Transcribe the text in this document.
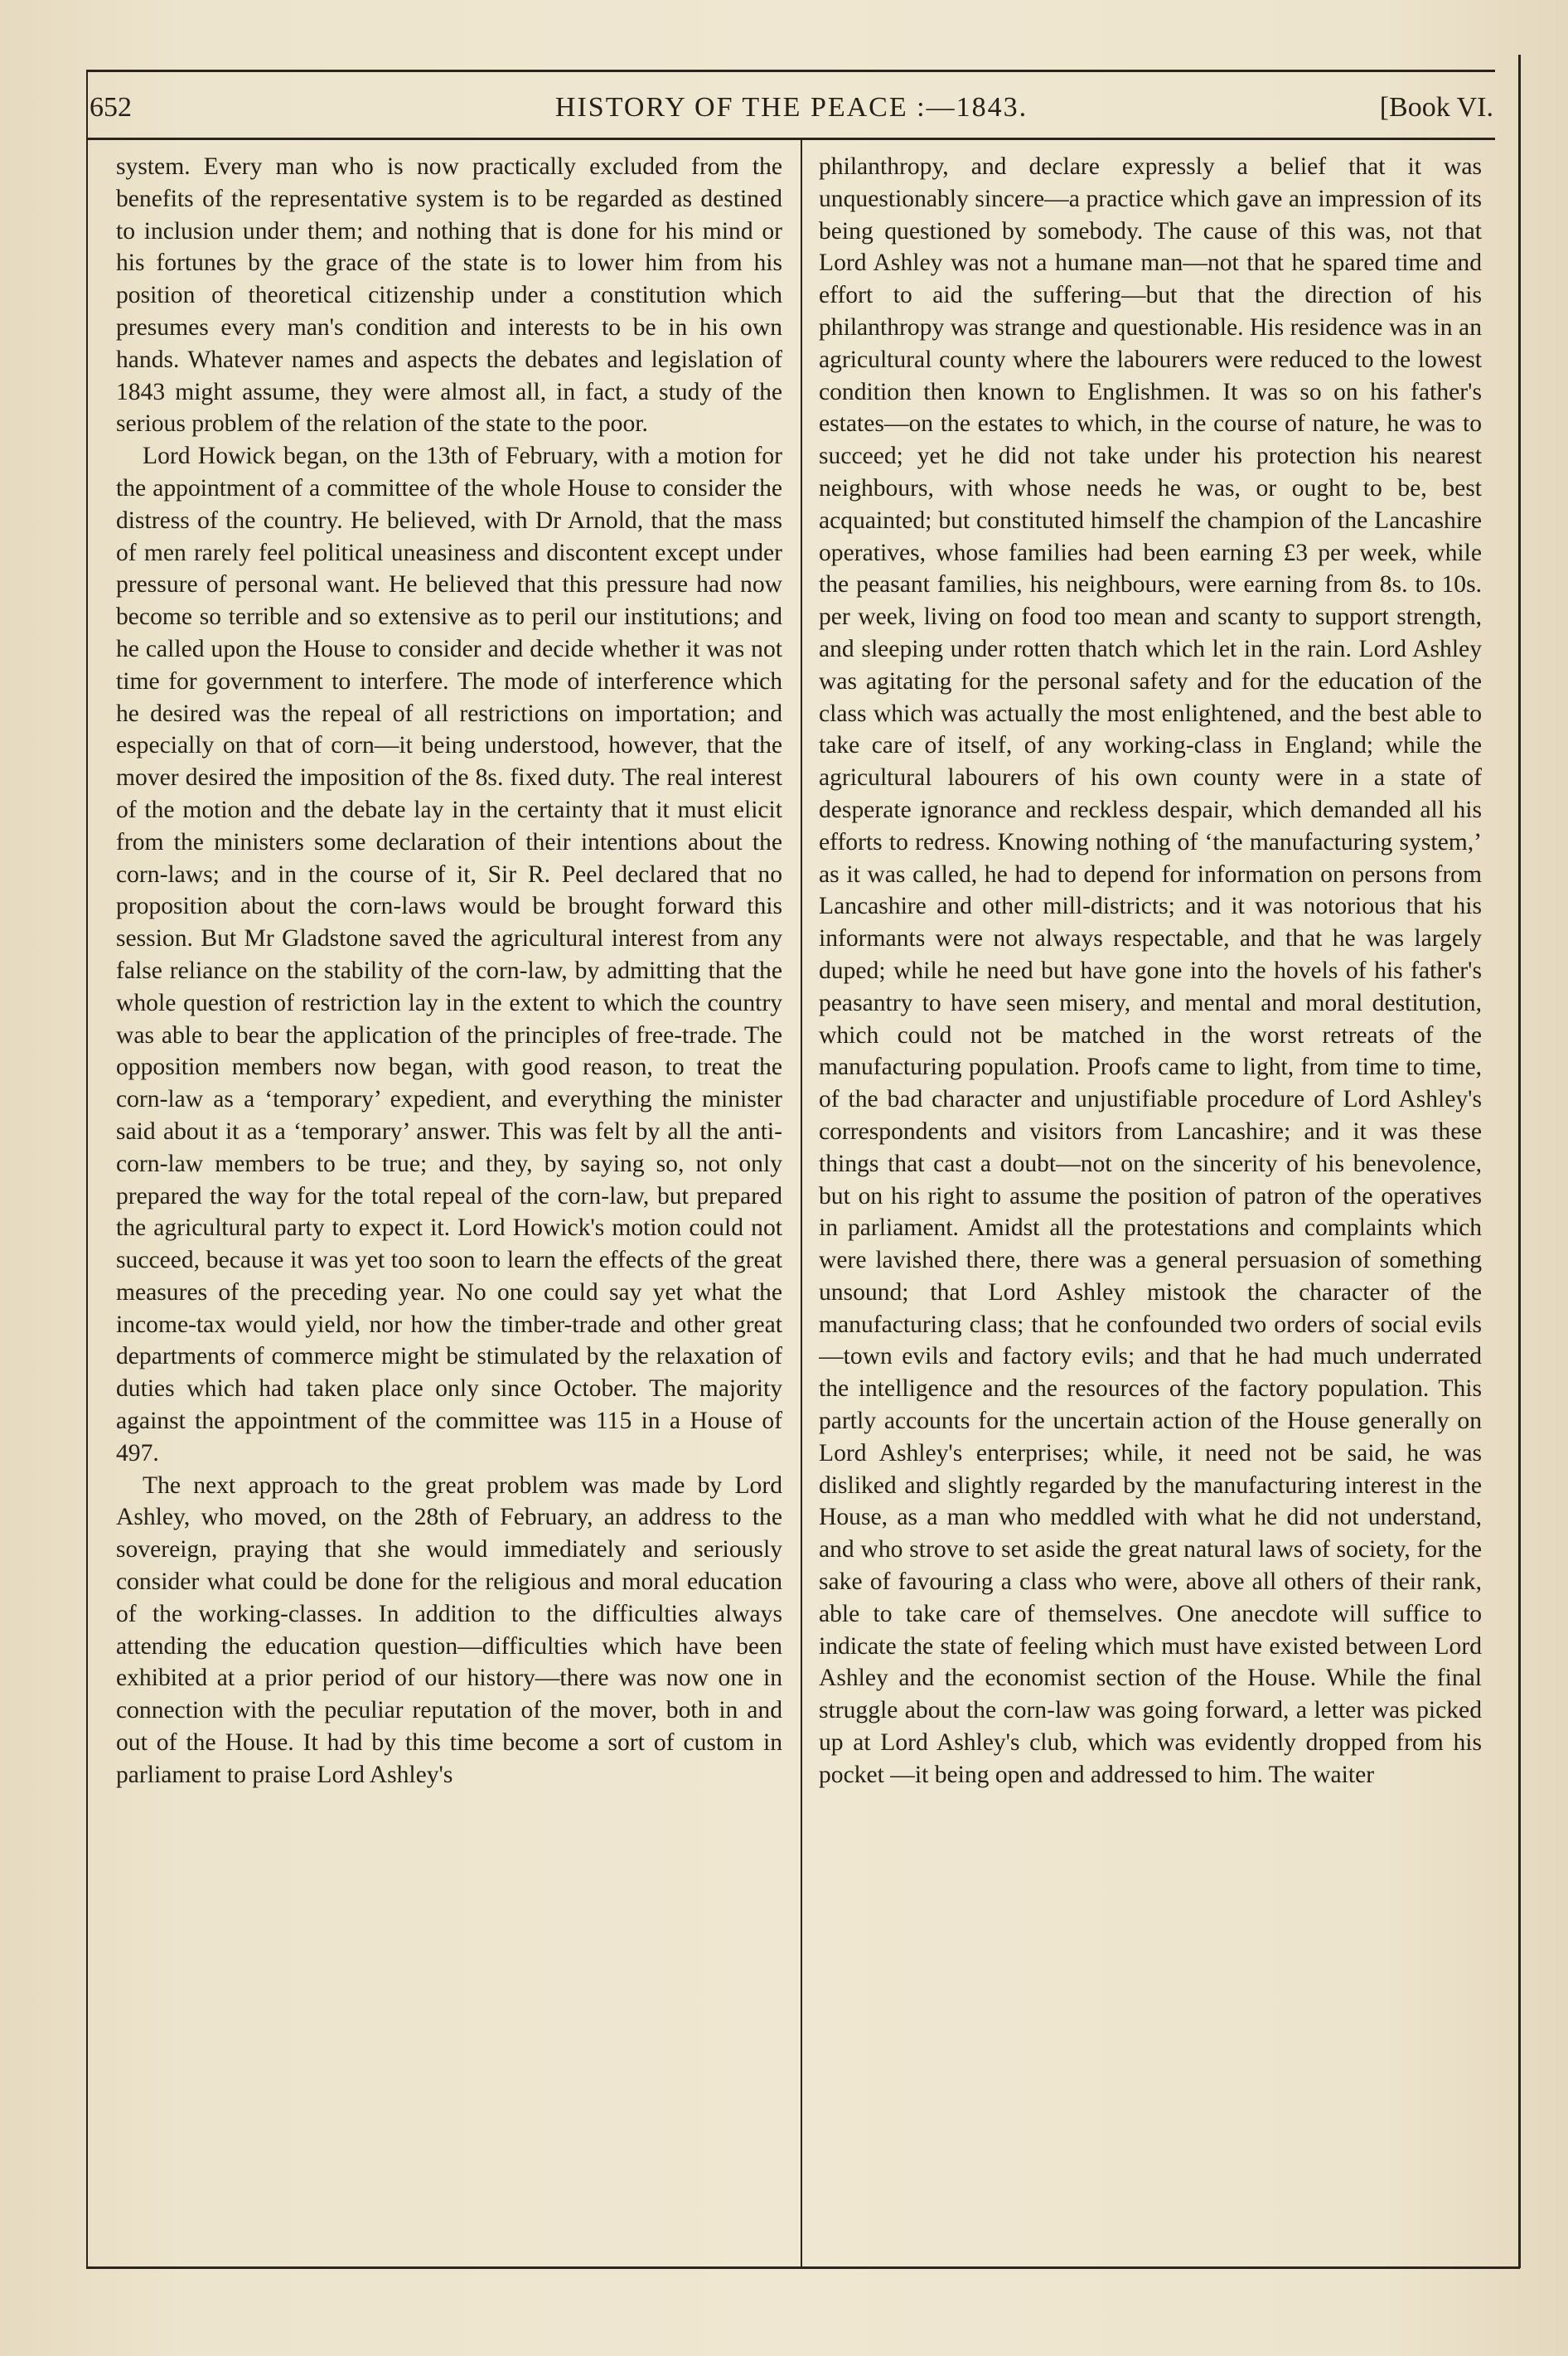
652	HISTORY OF THE PEACE :—1843.	[Book VI.

system. Every man who is now practically excluded from the benefits of the representative system is to be regarded as destined to inclusion under them; and nothing that is done for his mind or his fortunes by the grace of the state is to lower him from his position of theoretical citizenship under a constitution which presumes every man's condition and interests to be in his own hands. Whatever names and aspects the debates and legislation of 1843 might assume, they were almost all, in fact, a study of the serious problem of the relation of the state to the poor.

Lord Howick began, on the 13th of February, with a motion for the appointment of a committee of the whole House to consider the distress of the country. He believed, with Dr Arnold, that the mass of men rarely feel political uneasiness and discontent except under pressure of personal want. He believed that this pressure had now become so terrible and so extensive as to peril our institutions; and he called upon the House to consider and decide whether it was not time for government to interfere. The mode of interference which he desired was the repeal of all restrictions on importation; and especially on that of corn—it being understood, however, that the mover desired the imposition of the 8s. fixed duty. The real interest of the motion and the debate lay in the certainty that it must elicit from the ministers some declaration of their intentions about the corn-laws; and in the course of it, Sir R. Peel declared that no proposition about the corn-laws would be brought forward this session. But Mr Gladstone saved the agricultural interest from any false reliance on the stability of the corn-law, by admitting that the whole question of restriction lay in the extent to which the country was able to bear the application of the principles of free-trade. The opposition members now began, with good reason, to treat the corn-law as a ‘temporary’ expedient, and everything the minister said about it as a ‘temporary’ answer. This was felt by all the anti-corn-law members to be true; and they, by saying so, not only prepared the way for the total repeal of the corn-law, but prepared the agricultural party to expect it. Lord Howick's motion could not succeed, because it was yet too soon to learn the effects of the great measures of the preceding year. No one could say yet what the income-tax would yield, nor how the timber-trade and other great departments of commerce might be stimulated by the relaxation of duties which had taken place only since October. The majority against the appointment of the committee was 115 in a House of 497.

The next approach to the great problem was made by Lord Ashley, who moved, on the 28th of February, an address to the sovereign, praying that she would immediately and seriously consider what could be done for the religious and moral education of the working-classes. In addition to the difficulties always attending the education question—difficulties which have been exhibited at a prior period of our history—there was now one in connection with the peculiar reputation of the mover, both in and out of the House. It had by this time become a sort of custom in parliament to praise Lord Ashley's

philanthropy, and declare expressly a belief that it was unquestionably sincere—a practice which gave an impression of its being questioned by somebody. The cause of this was, not that Lord Ashley was not a humane man—not that he spared time and effort to aid the suffering—but that the direction of his philanthropy was strange and questionable. His residence was in an agricultural county where the labourers were reduced to the lowest condition then known to Englishmen. It was so on his father's estates—on the estates to which, in the course of nature, he was to succeed; yet he did not take under his protection his nearest neighbours, with whose needs he was, or ought to be, best acquainted; but constituted himself the champion of the Lancashire operatives, whose families had been earning £3 per week, while the peasant families, his neighbours, were earning from 8s. to 10s. per week, living on food too mean and scanty to support strength, and sleeping under rotten thatch which let in the rain. Lord Ashley was agitating for the personal safety and for the education of the class which was actually the most enlightened, and the best able to take care of itself, of any working-class in England; while the agricultural labourers of his own county were in a state of desperate ignorance and reckless despair, which demanded all his efforts to redress. Knowing nothing of ‘the manufacturing system,’ as it was called, he had to depend for information on persons from Lancashire and other mill-districts; and it was notorious that his informants were not always respectable, and that he was largely duped; while he need but have gone into the hovels of his father's peasantry to have seen misery, and mental and moral destitution, which could not be matched in the worst retreats of the manufacturing population. Proofs came to light, from time to time, of the bad character and unjustifiable procedure of Lord Ashley's correspondents and visitors from Lancashire; and it was these things that cast a doubt—not on the sincerity of his benevolence, but on his right to assume the position of patron of the operatives in parliament. Amidst all the protestations and complaints which were lavished there, there was a general persuasion of something unsound; that Lord Ashley mistook the character of the manufacturing class; that he confounded two orders of social evils—town evils and factory evils; and that he had much underrated the intelligence and the resources of the factory population. This partly accounts for the uncertain action of the House generally on Lord Ashley's enterprises; while, it need not be said, he was disliked and slightly regarded by the manufacturing interest in the House, as a man who meddled with what he did not understand, and who strove to set aside the great natural laws of society, for the sake of favouring a class who were, above all others of their rank, able to take care of themselves. One anecdote will suffice to indicate the state of feeling which must have existed between Lord Ashley and the economist section of the House. While the final struggle about the corn-law was going forward, a letter was picked up at Lord Ashley's club, which was evidently dropped from his pocket —it being open and addressed to him. The waiter
